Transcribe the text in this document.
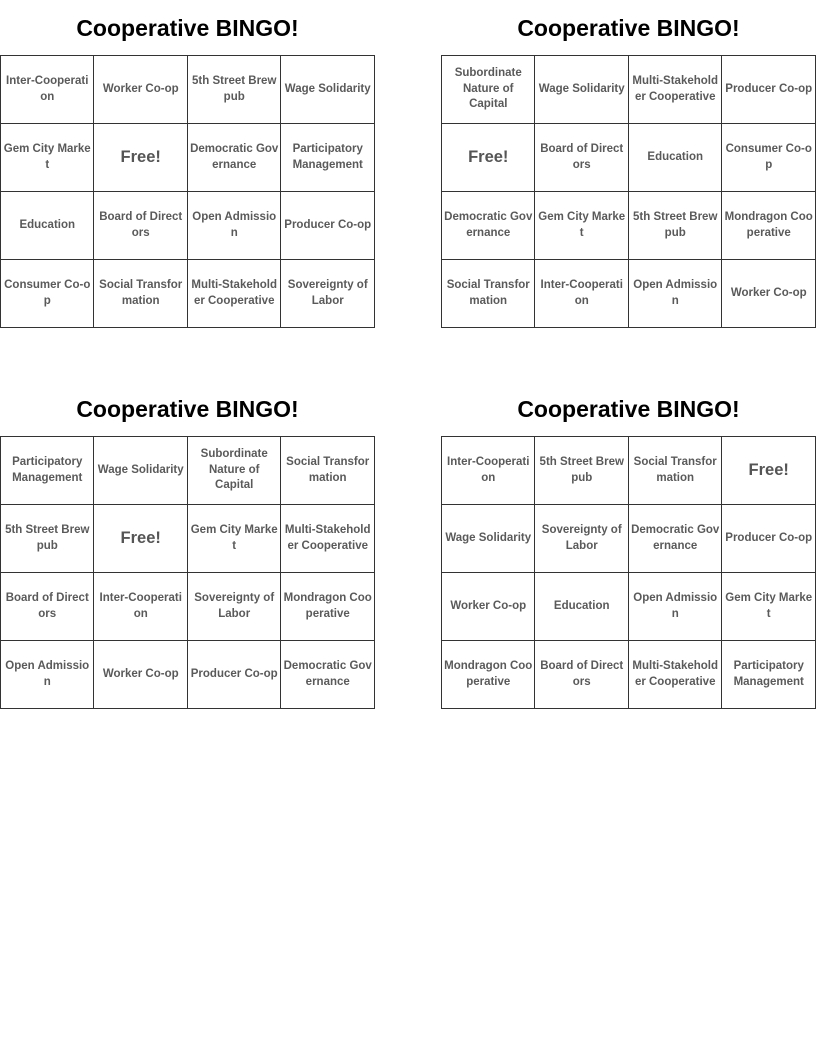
Cooperative BINGO!
Inter-Cooperation	Worker Co-op	5th Street Brewpub	Wage Solidarity
Gem City Market	Free!	Democratic Governance	Participatory Management
Education	Board of Directors	Open Admission	Producer Co-op
Consumer Co-op	Social Transformation	Multi-Stakeholder Cooperative	Sovereignty of Labor
Cooperative BINGO!
Subordinate Nature of Capital	Wage Solidarity	Multi-Stakeholder Cooperative	Producer Co-op
Free!	Board of Directors	Education	Consumer Co-op
Democratic Governance	Gem City Market	5th Street Brewpub	Mondragon Cooperative
Social Transformation	Inter-Cooperation	Open Admission	Worker Co-op
Cooperative BINGO!
Participatory Management	Wage Solidarity	Subordinate Nature of Capital	Social Transformation
5th Street Brewpub	Free!	Gem City Market	Multi-Stakeholder Cooperative
Board of Directors	Inter-Cooperation	Sovereignty of Labor	Mondragon Cooperative
Open Admission	Worker Co-op	Producer Co-op	Democratic Governance
Cooperative BINGO!
Inter-Cooperation	5th Street Brewpub	Social Transformation	Free!
Wage Solidarity	Sovereignty of Labor	Democratic Governance	Producer Co-op
Worker Co-op	Education	Open Admission	Gem City Market
Mondragon Cooperative	Board of Directors	Multi-Stakeholder Cooperative	Participatory Management
